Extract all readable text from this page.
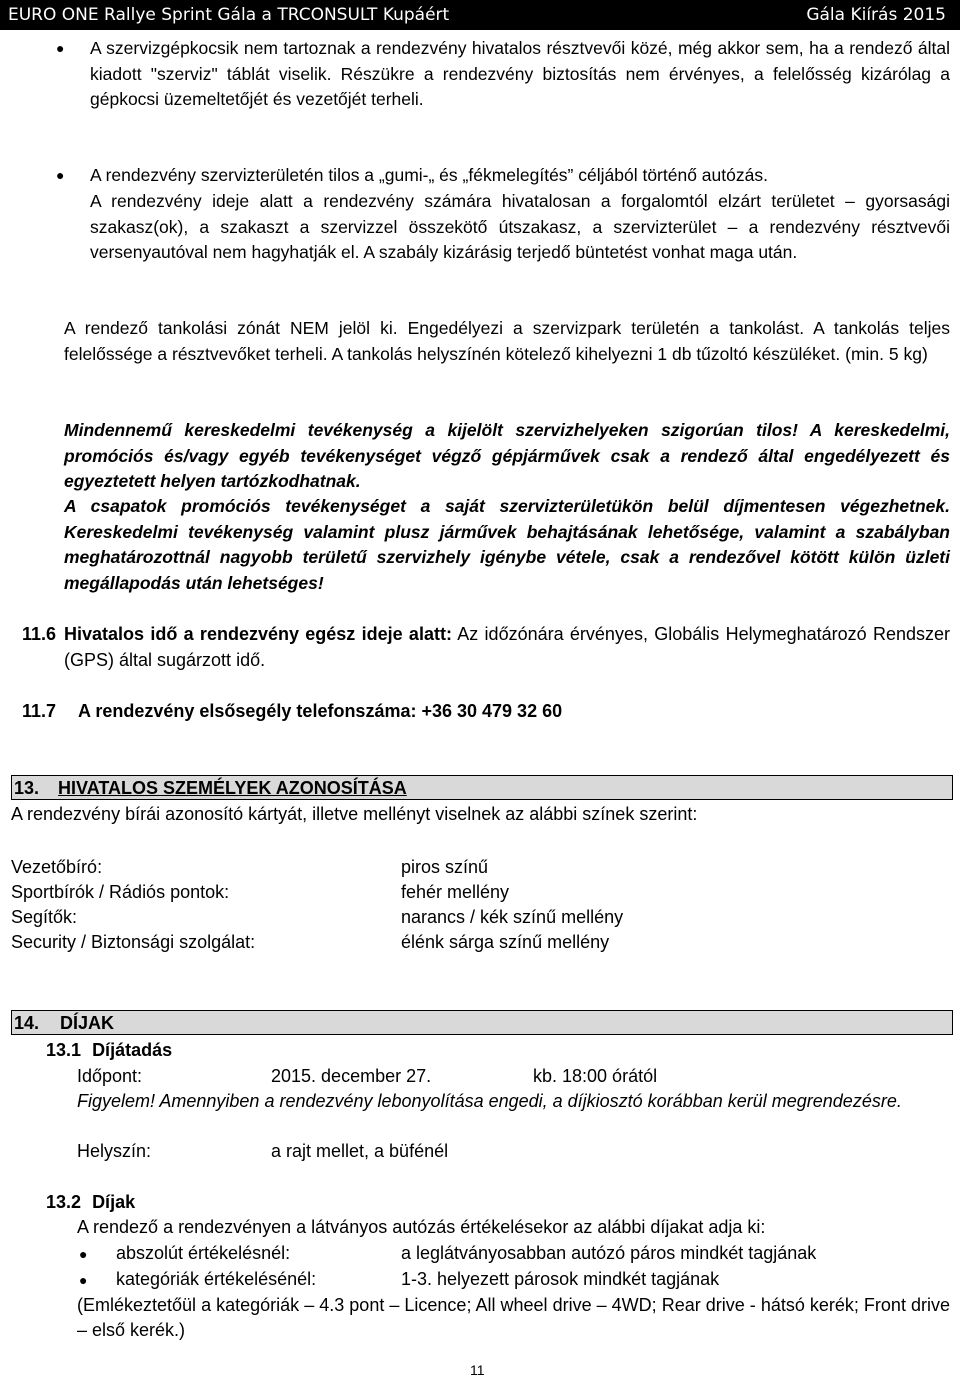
EURO ONE Rallye Sprint Gála a TRCONSULT Kupáért	Gála Kiírás 2015
● A szervizgépkocsik nem tartoznak a rendezvény hivatalos résztvevői közé, még akkor sem, ha a rendező által kiadott "szerviz" táblát viselik. Részükre a rendezvény biztosítás nem érvényes, a felelősség kizárólag a gépkocsi üzemeltetőjét és vezetőjét terheli.
● A rendezvény szervizterületén tilos a „gumi-„ és „fékmelegítés” céljából történő autózás.
A rendezvény ideje alatt a rendezvény számára hivatalosan a forgalomtól elzárt területet – gyorsasági szakasz(ok), a szakaszt a szervizzel összekötő útszakasz, a szervizterület – a rendezvény résztvevői versenyautóval nem hagyhatják el. A szabály kizárásig terjedő büntetést vonhat maga után.
A rendező tankolási zónát NEM jelöl ki. Engedélyezi a szervizpark területén a tankolást. A tankolás teljes felelőssége a résztvevőket terheli. A tankolás helyszínén kötelező kihelyezni 1 db tűzoltó készüléket. (min. 5 kg)
Mindennemű kereskedelmi tevékenység a kijelölt szervizhelyeken szigorúan tilos! A kereskedelmi, promóciós és/vagy egyéb tevékenységet végző gépjárművek csak a rendező által engedélyezett és egyeztetett helyen tartózkodhatnak.
A csapatok promóciós tevékenységet a saját szervizterületükön belül díjmentesen végezhetnek. Kereskedelmi tevékenység valamint plusz járművek behajtásának lehetősége, valamint a szabályban meghatározottnál nagyobb területű szervizhely igénybe vétele, csak a rendezővel kötött külön üzleti megállapodás után lehetséges!
11.6 Hivatalos idő a rendezvény egész ideje alatt: Az időzónára érvényes, Globális Helymeghatározó Rendszer (GPS) által sugárzott idő.
11.7 A rendezvény elsősegély telefonszáma: +36 30 479 32 60
13. HIVATALOS SZEMÉLYEK AZONOSÍTÁSA
A rendezvény bírái azonosító kártyát, illetve mellényt viselnek az alábbi színek szerint:
Vezetőbíró:	piros színű
Sportbírók / Rádiós pontok:	fehér mellény
Segítők:	narancs / kék színű mellény
Security / Biztonsági szolgálat:	élénk sárga színű mellény
14. DÍJAK
13.1 Díjátadás
Időpont:	2015. december 27.	kb. 18:00 órától
Figyelem! Amennyiben a rendezvény lebonyolítása engedi, a díjkiosztó korábban kerül megrendezésre.
Helyszín:	a rajt mellet, a büfénél
13.2 Díjak
A rendező a rendezvényen a látványos autózás értékelésekor az alábbi díjakat adja ki:
● abszolút értékelésnél:	a leglátványosabban autózó páros mindkét tagjának
● kategóriák értékelésénél:	1-3. helyezett párosok mindkét tagjának
(Emlékeztetőül a kategóriák – 4.3 pont – Licence; All wheel drive – 4WD; Rear drive - hátsó kerék; Front drive – első kerék.)
11
